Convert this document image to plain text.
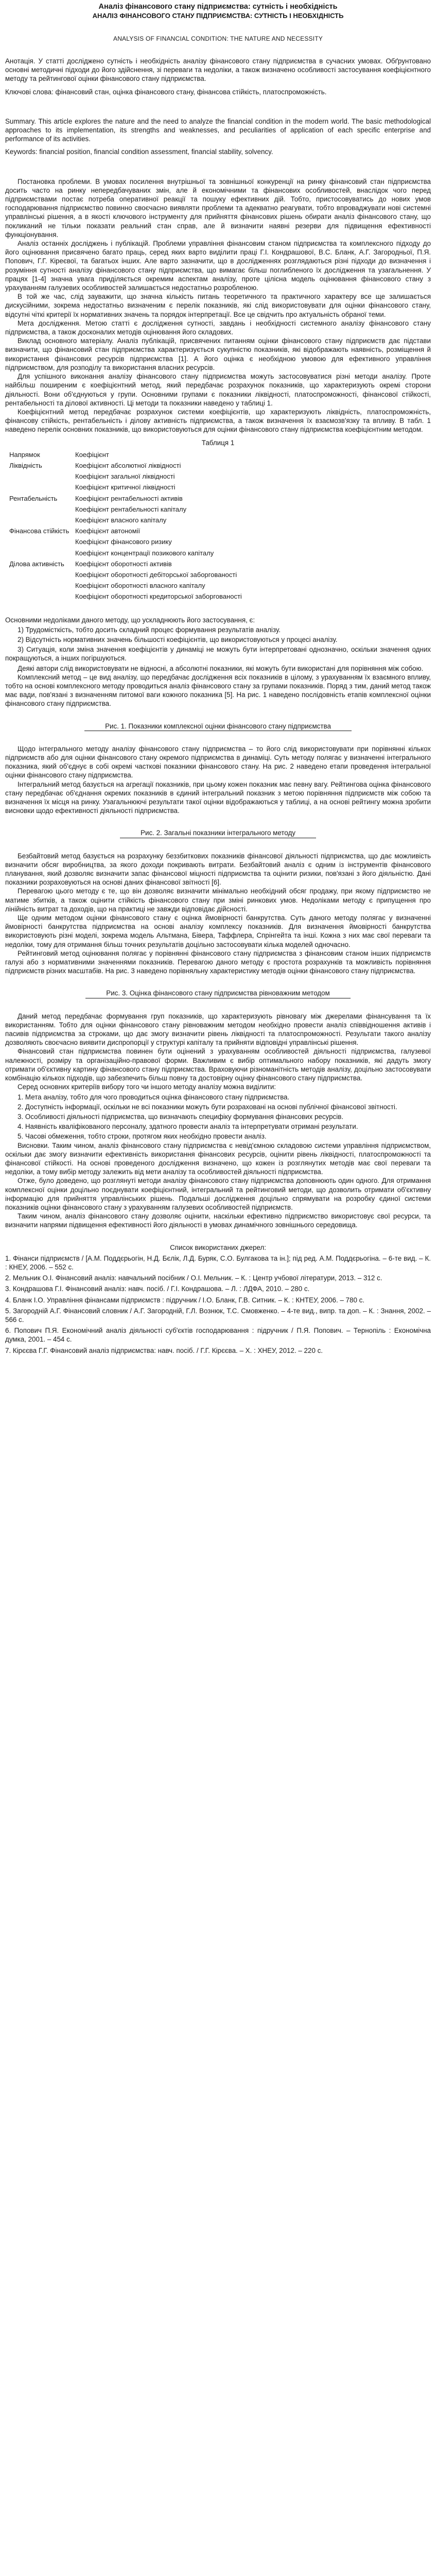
Аналіз фінансового стану підприємства: сутність і необхідність
АНАЛІЗ ФІНАНСОВОГО СТАНУ ПІДПРИЄМСТВА: СУТНІСТЬ І НЕОБХІДНІСТЬ
ANALYSIS OF FINANCIAL CONDITION: THE NATURE AND NECESSITY

Анотація. У статті досліджено сутність і необхідність аналізу фінансового стану підприємства в сучасних умовах. Обґрунтовано основні методичні підходи до його здійснення, зі переваги та недоліки, а також визначено особливості застосування коефіцієнтного методу та рейтингової оцінки фінансового стану підприємства.

Ключові слова: фінансовий стан, оцінка фінансового стану, фінансова стійкість, платоспроможність.

Summary. This article explores the nature and the need to analyze the financial condition in the modern world. The basic methodological approaches to its implementation, its strengths and weaknesses, and peculiarities of application of each specific enterprise and performance of its activities.

Keywords: financial position, financial condition assessment, financial stability, solvency.

Постановка проблеми. В умовах посилення внутрішньої та зовнішньої конкуренції на ринку фінансовий стан підприємства досить часто на ринку непередбачуваних змін, але й економічними та фінансових особливостей, внаслідок чого перед підприємствами постає потреба оперативної реакції та пошуку ефективних дій. Тобто, пристосовуватись до нових умов господарювання підприємство повинно своєчасно виявляти проблеми та адекватно реагувати, тобто впроваджувати нові системні управлінські рішення, а в якості ключового інструменту для прийняття фінансових рішень обирати аналіз фінансового стану, що покликаний не тільки показати реальний стан справ, але й визначити наявні резерви для підвищення ефективності функціонування.

Аналіз останніх досліджень і публікацій. Проблеми управління фінансовим станом підприємства та комплексного підходу до його оцінювання присвячено багато праць, серед яких варто виділити праці Г.І. Кондрашової, В.С. Бланк, А.Г. Загородньої, П.Я. Попович, Г.Г. Кіреєвої, та багатьох інших. Але варто зазначити, що в дослідженнях розглядаються різні підходи до визначення і розуміння сутності аналізу фінансового стану підприємства, що вимагає більш поглибленого їх дослідження та узагальнення. У працях [1-4] значна увага приділяється окремим аспектам аналізу, проте цілісна модель оцінювання фінансового стану з урахуванням галузевих особливостей залишається недостатньо розробленою.

В той же час, слід зауважити, що значна кількість питань теоретичного та практичного характеру все ще залишається дискусійними, зокрема недостатньо визначеним є перелік показників, які слід використовувати для оцінки фінансового стану, відсутні чіткі критерії їх нормативних значень та порядок інтерпретації. Все це свідчить про актуальність обраної теми.

Мета дослідження. Метою статті є дослідження сутності, завдань і необхідності системного аналізу фінансового стану підприємства, а також досконалих методів оцінювання його складових.

Виклад основного матеріалу. Аналіз публікацій, присвячених питанням оцінки фінансового стану підприємств дає підстави визначити, що фінансовий стан підприємства характеризується сукупністю показників, які відображають наявність, розміщення й використання фінансових ресурсів підприємства [1]. А його оцінка є необхідною умовою для ефективного управління підприємством, для розподілу та використання власних ресурсів.

Для успішного виконання аналізу фінансового стану підприємства можуть застосовуватися різні методи аналізу. Проте найбільш поширеним є коефіцієнтний метод, який передбачає розрахунок показників, що характеризують окремі сторони діяльності. Вони об'єднуються у групи. Основними групами є показники ліквідності, платоспроможності, фінансової стійкості, рентабельності та ділової активності. Ці методи та показники наведено у таблиці 1.

Коефіцієнтний метод передбачає розрахунок системи коефіцієнтів, що характеризують ліквідність, платоспроможність, фінансову стійкість, рентабельність і ділову активність підприємства, а також визначення їх взаємозв'язку та впливу. В табл. 1 наведено перелік основних показників, що використовуються для оцінки фінансового стану підприємства коефіцієнтним методом.

Таблиця 1
Напрямок	Коефіцієнт
Ліквідність	Коефіцієнт абсолютної ліквідності
	Коефіцієнт загальної ліквідності
	Коефіцієнт критичної ліквідності
Рентабельність	Коефіцієнт рентабельності активів
	Коефіцієнт рентабельності капіталу
	Коефіцієнт власного капіталу
Фінансова стійкість	Коефіцієнт автономії
	Коефіцієнт фінансового ризику
	Коефіцієнт концентрації позикового капіталу
Ділова активність	Коефіцієнт оборотності активів
	Коефіцієнт оборотності дебіторської заборгованості
	Коефіцієнт оборотності власного капіталу
	Коефіцієнт оборотності кредиторської заборгованості

Основними недоліками даного методу, що ускладнюють його застосування, є:

1) Трудомісткість, тобто досить складний процес формування результатів аналізу.

2) Відсутність нормативних значень більшості коефіцієнтів, що використовуються у процесі аналізу.

3) Ситуація, коли зміна значення коефіцієнтів у динаміці не можуть бути інтерпретовані однозначно, оскільки значення одних покращуються, а інших погіршуються.

Деякі автори слід використовувати не відносні, а абсолютні показники, які можуть бути використані для порівняння між собою.

Комплексний метод – це вид аналізу, що передбачає дослідження всіх показників в цілому, з урахуванням їх взаємного впливу, тобто на основі комплексного методу проводиться аналіз фінансового стану за групами показників. Поряд з тим, даний метод також має вади, пов'язані з визначенням питомої ваги кожного показника [5]. На рис. 1 наведено послідовність етапів комплексної оцінки фінансового стану підприємства.

Рис. 1. Показники комплексної оцінки фінансового стану підприємства

Щодо інтегрального методу аналізу фінансового стану підприємства – то його слід використовувати при порівнянні кількох підприємств або для оцінки фінансового стану окремого підприємства в динаміці. Суть методу полягає у визначенні інтегрального показника, який об'єднує в собі окремі часткові показники фінансового стану. На рис. 2 наведено етапи проведення інтегральної оцінки фінансового стану підприємства.

Інтегральний метод базується на агрегації показників, при цьому кожен показник має певну вагу. Рейтингова оцінка фінансового стану передбачає об'єднання окремих показників в єдиний інтегральний показник з метою порівняння підприємств між собою та визначення їх місця на ринку. Узагальнюючі результати такої оцінки відображаються у таблиці, а на основі рейтингу можна зробити висновки щодо ефективності діяльності підприємства.

Рис. 2. Загальні показники інтегрального методу

Безбайтовий метод базується на розрахунку беззбиткових показників фінансової діяльності підприємства, що дає можливість визначити обсяг виробництва, за якого доходи покривають витрати. Безбайтовий аналіз є одним із інструментів фінансового планування, який дозволяє визначити запас фінансової міцності підприємства та оцінити ризики, пов'язані з його діяльністю. Дані показники розраховуються на основі даних фінансової звітності [6].

Перевагою цього методу є те, що він дозволяє визначити мінімально необхідний обсяг продажу, при якому підприємство не матиме збитків, а також оцінити стійкість фінансового стану при зміні ринкових умов. Недоліками методу є припущення про лінійність витрат та доходів, що на практиці не завжди відповідає дійсності.

Ще одним методом оцінки фінансового стану є оцінка ймовірності банкрутства. Суть даного методу полягає у визначенні ймовірності банкрутства підприємства на основі аналізу комплексу показників. Для визначення ймовірності банкрутства використовують різні моделі, зокрема модель Альтмана, Бівера, Таффлера, Спрінгейта та інші. Кожна з них має свої переваги та недоліки, тому для отримання більш точних результатів доцільно застосовувати кілька моделей одночасно.

Рейтинговий метод оцінювання полягає у порівнянні фінансового стану підприємства з фінансовим станом інших підприємств галузі або з нормативними значеннями показників. Перевагою даного методу є простота розрахунків та можливість порівняння підприємств різних масштабів. На рис. 3 наведено порівняльну характеристику методів оцінки фінансового стану підприємства.

Рис. 3. Оцінка фінансового стану підприємства рівноважним методом

Даний метод передбачає формування груп показників, що характеризують рівновагу між джерелами фінансування та їх використанням. Тобто для оцінки фінансового стану рівноважним методом необхідно провести аналіз співвідношення активів і пасивів підприємства за строками, що дає змогу визначити рівень ліквідності та платоспроможності. Результати такого аналізу дозволяють своєчасно виявити диспропорції у структурі капіталу та прийняти відповідні управлінські рішення.

Фінансовий стан підприємства повинен бути оцінений з урахуванням особливостей діяльності підприємства, галузевої належності, розміру та організаційно-правової форми. Важливим є вибір оптимального набору показників, які дадуть змогу отримати об'єктивну картину фінансового стану підприємства. Враховуючи різноманітність методів аналізу, доцільно застосовувати комбінацію кількох підходів, що забезпечить більш повну та достовірну оцінку фінансового стану підприємства.

Серед основних критеріїв вибору того чи іншого методу аналізу можна виділити:

1. Мета аналізу, тобто для чого проводиться оцінка фінансового стану підприємства.

2. Доступність інформації, оскільки не всі показники можуть бути розраховані на основі публічної фінансової звітності.

3. Особливості діяльності підприємства, що визначають специфіку формування фінансових ресурсів.

4. Наявність кваліфікованого персоналу, здатного провести аналіз та інтерпретувати отримані результати.

5. Часові обмеження, тобто строки, протягом яких необхідно провести аналіз.

Висновки. Таким чином, аналіз фінансового стану підприємства є невід'ємною складовою системи управління підприємством, оскільки дає змогу визначити ефективність використання фінансових ресурсів, оцінити рівень ліквідності, платоспроможності та фінансової стійкості. На основі проведеного дослідження визначено, що кожен із розглянутих методів має свої переваги та недоліки, а тому вибір методу залежить від мети аналізу та особливостей діяльності підприємства.

Отже, було доведено, що розглянуті методи аналізу фінансового стану підприємства доповнюють один одного. Для отримання комплексної оцінки доцільно поєднувати коефіцієнтний, інтегральний та рейтинговий методи, що дозволить отримати об'єктивну інформацію для прийняття управлінських рішень. Подальші дослідження доцільно спрямувати на розробку єдиної системи показників оцінки фінансового стану з урахуванням галузевих особливостей підприємств.

Таким чином, аналіз фінансового стану дозволяє оцінити, наскільки ефективно підприємство використовує свої ресурси, та визначити напрями підвищення ефективності його діяльності в умовах динамічного зовнішнього середовища.

Список використаних джерел:

1. Фінанси підприємств / [А.М. Поддєрьогін, Н.Д. Бєлік, Л.Д. Буряк, С.О. Булгакова та ін.]; під ред. А.М. Поддєрьогіна. – 6-те вид. – К. : КНЕУ, 2006. – 552 с.

2. Мельник О.І. Фінансовий аналіз: навчальний посібник / О.І. Мельник. – К. : Центр учбової літератури, 2013. – 312 с.

3. Кондрашова Г.І. Фінансовий аналіз: навч. посіб. / Г.І. Кондрашова. – Л. : ЛДФА, 2010. – 280 с.

4. Бланк І.О. Управління фінансами підприємств : підручник / І.О. Бланк, Г.В. Ситник. – К. : КНТЕУ, 2006. – 780 с.

5. Загородній А.Г. Фінансовий словник / А.Г. Загородній, Г.Л. Вознюк, Т.С. Смовженко. – 4-те вид., випр. та доп. – К. : Знання, 2002. – 566 с.

6. Попович П.Я. Економічний аналіз діяльності суб'єктів господарювання : підручник / П.Я. Попович. – Тернопіль : Економічна думка, 2001. – 454 с.

7. Кірєєва Г.Г. Фінансовий аналіз підприємства: навч. посіб. / Г.Г. Кірєєва. – Х. : ХНЕУ, 2012. – 220 с.
